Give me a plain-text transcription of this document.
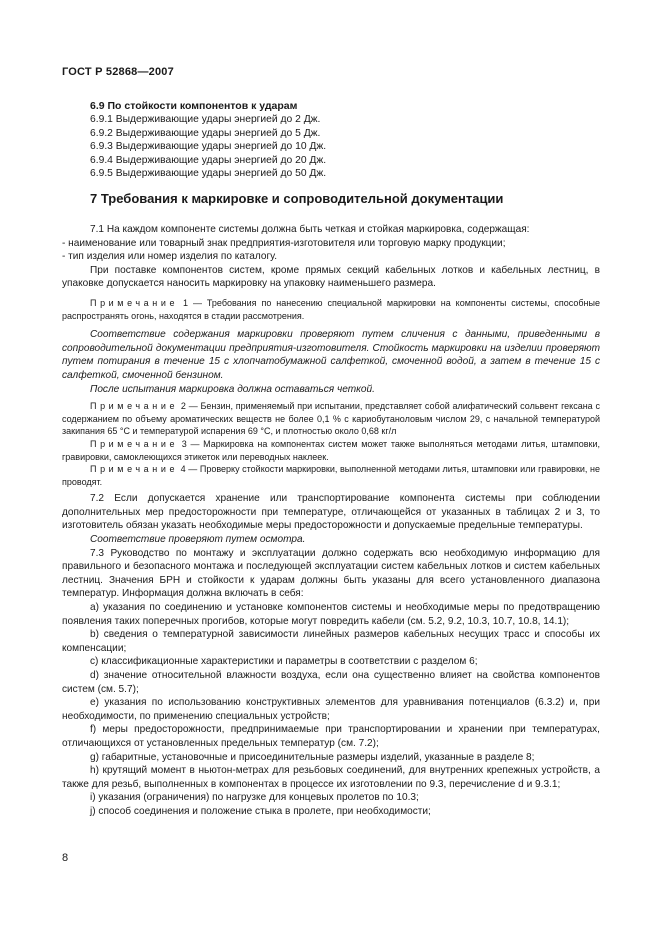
ГОСТ Р 52868—2007
6.9 По стойкости компонентов к ударам
6.9.1 Выдерживающие удары энергией до 2 Дж.
6.9.2 Выдерживающие удары энергией до 5 Дж.
6.9.3 Выдерживающие удары энергией до 10 Дж.
6.9.4 Выдерживающие удары энергией до 20 Дж.
6.9.5 Выдерживающие удары энергией до 50 Дж.
7 Требования к маркировке и сопроводительной документации

7.1 На каждом компоненте системы должна быть четкая и стойкая маркировка, содержащая:

- наименование или товарный знак предприятия-изготовителя или торговую марку продукции;

- тип изделия или номер изделия по каталогу.

При поставке компонентов систем, кроме прямых секций кабельных лотков и кабельных лестниц, в упаковке допускается наносить маркировку на упаковку наименьшего размера.

Примечание 1 — Требования по нанесению специальной маркировки на компоненты системы, способные распространять огонь, находятся в стадии рассмотрения.

Соответствие содержания маркировки проверяют путем сличения с данными, приведенными в сопроводительной документации предприятия-изготовителя. Стойкость маркировки на изделии проверяют путем потирания в течение 15 с хлопчатобумажной салфеткой, смоченной водой, а затем в течение 15 с салфеткой, смоченной бензином.

После испытания маркировка должна оставаться четкой.

Примечание 2 — Бензин, применяемый при испытании, представляет собой алифатический сольвент гексана с содержанием по объему ароматических веществ не более 0,1 % с кариобутаноловым числом 29, с начальной температурой закипания 65 °С и температурой испарения 69 °С, и плотностью около 0,68 кг/л

Примечание 3 — Маркировка на компонентах систем может также выполняться методами литья, штамповки, гравировки, самоклеющихся этикеток или переводных наклеек.

Примечание 4 — Проверку стойкости маркировки, выполненной методами литья, штамповки или гравировки, не проводят.

7.2 Если допускается хранение или транспортирование компонента системы при соблюдении дополнительных мер предосторожности при температуре, отличающейся от указанных в таблицах 2 и 3, то изготовитель обязан указать необходимые меры предосторожности и допускаемые предельные температуры.

Соответствие проверяют путем осмотра.

7.3 Руководство по монтажу и эксплуатации должно содержать всю необходимую информацию для правильного и безопасного монтажа и последующей эксплуатации систем кабельных лотков и систем кабельных лестниц. Значения БРН и стойкости к ударам должны быть указаны для всего установленного диапазона температур. Информация должна включать в себя:

а) указания по соединению и установке компонентов системы и необходимые меры по предотвращению появления таких поперечных прогибов, которые могут повредить кабели (см. 5.2, 9.2, 10.3, 10.7, 10.8, 14.1);

b) сведения о температурной зависимости линейных размеров кабельных несущих трасс и способы их компенсации;

c) классификационные характеристики и параметры в соответствии с разделом 6;

d) значение относительной влажности воздуха, если она существенно влияет на свойства компонентов систем (см. 5.7);

e) указания по использованию конструктивных элементов для уравнивания потенциалов (6.3.2) и, при необходимости, по применению специальных устройств;

f) меры предосторожности, предпринимаемые при транспортировании и хранении при температурах, отличающихся от установленных предельных температур (см. 7.2);

g) габаритные, установочные и присоединительные размеры изделий, указанные в разделе 8;

h) крутящий момент в ньютон-метрах для резьбовых соединений, для внутренних крепежных устройств, а также для резьб, выполненных в компонентах в процессе их изготовлении по 9.3, перечисление d и 9.3.1;

i) указания (ограничения) по нагрузке для концевых пролетов по 10.3;

j) способ соединения и положение стыка в пролете, при необходимости;

8
